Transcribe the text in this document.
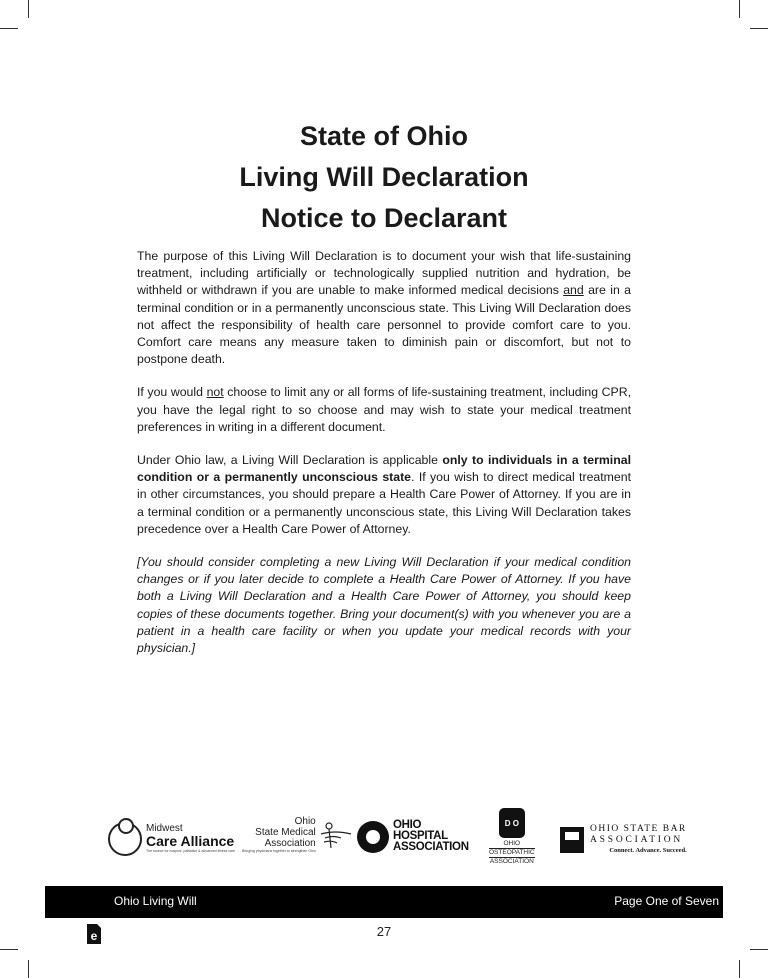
State of Ohio
Living Will Declaration
Notice to Declarant

The purpose of this Living Will Declaration is to document your wish that life-sustaining treatment, including artificially or technologically supplied nutrition and hydration, be withheld or withdrawn if you are unable to make informed medical decisions and are in a terminal condition or in a permanently unconscious state. This Living Will Declaration does not affect the responsibility of health care personnel to provide comfort care to you. Comfort care means any measure taken to diminish pain or discomfort, but not to postpone death.

If you would not choose to limit any or all forms of life-sustaining treatment, including CPR, you have the legal right to so choose and may wish to state your medical treatment preferences in writing in a different document.

Under Ohio law, a Living Will Declaration is applicable only to individuals in a terminal condition or a permanently unconscious state. If you wish to direct medical treatment in other circumstances, you should prepare a Health Care Power of Attorney. If you are in a terminal condition or a permanently unconscious state, this Living Will Declaration takes precedence over a Health Care Power of Attorney.

[You should consider completing a new Living Will Declaration if your medical condition changes or if you later decide to complete a Health Care Power of Attorney. If you have both a Living Will Declaration and a Health Care Power of Attorney, you should keep copies of these documents together. Bring your document(s) with you whenever you are a patient in a health care facility or when you update your medical records with your physician.]

Midwest
Care Alliance
The source for hospice, palliative & advanced illness care
Ohio
State Medical
Association
Bringing physicians together to strengthen Ohio
OHIO
HOSPITAL
ASSOCIATION
D O
OHIO
OSTEOPATHIC
ASSOCIATION
OHIO STATE BAR
ASSOCIATION
Connect. Advance. Succeed.
Ohio Living Will	Page One of Seven
e	27
